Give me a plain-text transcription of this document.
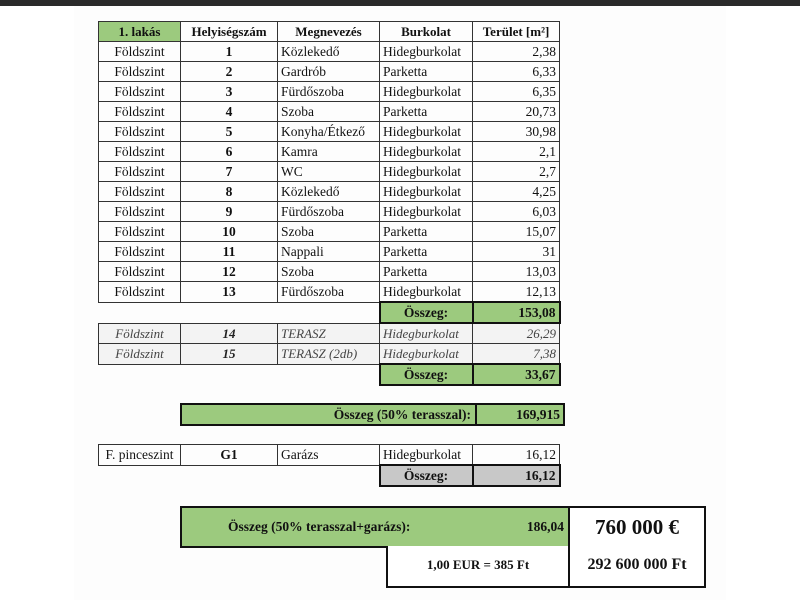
1. lakás	Helyiségszám	Megnevezés	Burkolat	Terület [m²]
Földszint	1	Közlekedő	Hidegburkolat	2,38
Földszint	2	Gardrób	Parketta	6,33
Földszint	3	Fürdőszoba	Hidegburkolat	6,35
Földszint	4	Szoba	Parketta	20,73
Földszint	5	Konyha/Étkező	Hidegburkolat	30,98
Földszint	6	Kamra	Hidegburkolat	2,1
Földszint	7	WC	Hidegburkolat	2,7
Földszint	8	Közlekedő	Hidegburkolat	4,25
Földszint	9	Fürdőszoba	Hidegburkolat	6,03
Földszint	10	Szoba	Parketta	15,07
Földszint	11	Nappali	Parketta	31
Földszint	12	Szoba	Parketta	13,03
Földszint	13	Fürdőszoba	Hidegburkolat	12,13
			Összeg:	153,08
Földszint	14	TERASZ	Hidegburkolat	26,29
Földszint	15	TERASZ (2db)	Hidegburkolat	7,38
			Összeg:	33,67
Összeg (50% terasszal):	169,915
F. pinceszint	G1	Garázs	Hidegburkolat	16,12
			Összeg:	16,12
Összeg (50% terasszal+garázs):	186,04	760 000 €
1,00 EUR = 385 Ft	292 600 000 Ft
